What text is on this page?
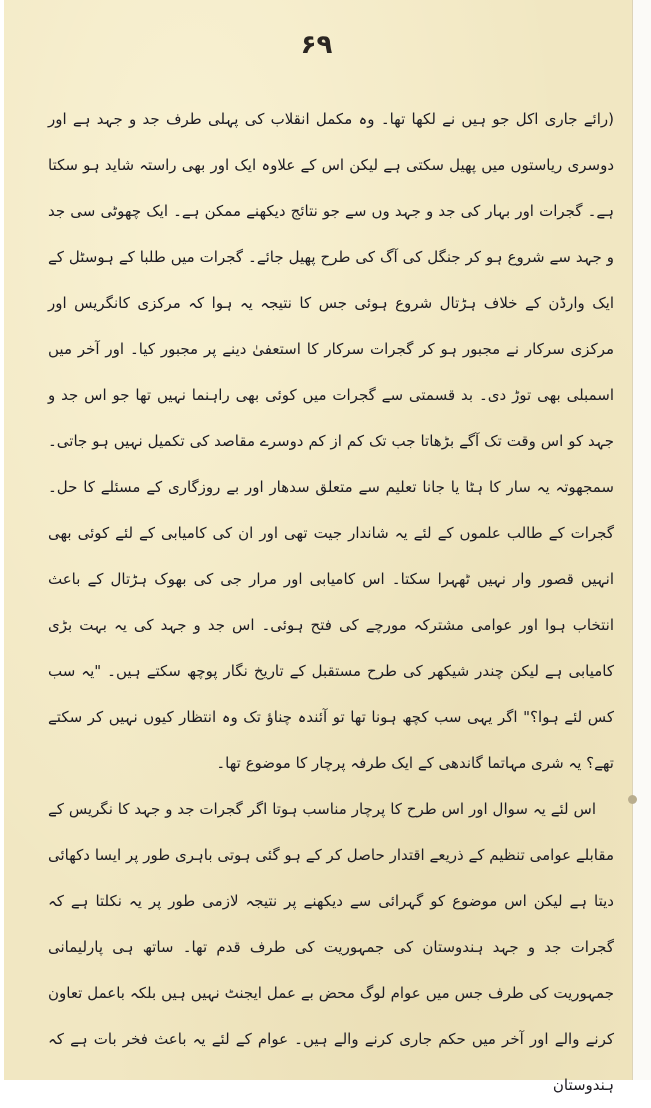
۶۹

(رائے جاری اکل جو ہیں نے لکھا تھا۔ وہ مکمل انقلاب کی پہلی طرف جد و جہد ہے اور دوسری ریاستوں میں پھیل سکتی ہے لیکن اس کے علاوہ ایک اور بھی راستہ شاید ہو سکتا ہے۔ گجرات اور بہار کی جد و جہد وں سے جو نتائج دیکھنے ممکن ہے۔ ایک چھوٹی سی جد و جہد سے شروع ہو کر جنگل کی آگ کی طرح پھیل جائے۔ گجرات میں طلبا کے ہوسٹل کے ایک وارڈن کے خلاف ہڑتال شروع ہوئی جس کا نتیجہ یہ ہوا کہ مرکزی کانگریس اور مرکزی سرکار نے مجبور ہو کر گجرات سرکار کا استعفیٰ دینے پر مجبور کیا۔ اور آخر میں اسمبلی بھی توڑ دی۔ بد قسمتی سے گجرات میں کوئی بھی راہنما نہیں تھا جو اس جد و جہد کو اس وقت تک آگے بڑھاتا جب تک کم از کم دوسرے مقاصد کی تکمیل نہیں ہو جاتی۔ سمجھوتہ یہ سار کا ہٹا یا جانا تعلیم سے متعلق سدھار اور بے روزگاری کے مسئلے کا حل۔ گجرات کے طالب علموں کے لئے یہ شاندار جیت تھی اور ان کی کامیابی کے لئے کوئی بھی انہیں قصور وار نہیں ٹھہرا سکتا۔ اس کامیابی اور مرار جی کی بھوک ہڑتال کے باعث انتخاب ہوا اور عوامی مشترکہ مورچے کی فتح ہوئی۔ اس جد و جہد کی یہ بہت بڑی کامیابی ہے لیکن چندر شیکھر کی طرح مستقبل کے تاریخ نگار پوچھ سکتے ہیں۔ "یہ سب کس لئے ہوا؟" اگر یہی سب کچھ ہونا تھا تو آئندہ چناؤ تک وہ انتظار کیوں نہیں کر سکتے تھے؟ یہ شری مہاتما گاندھی کے ایک طرفہ پرچار کا موضوع تھا۔

اس لئے یہ سوال اور اس طرح کا پرچار مناسب ہوتا اگر گجرات جد و جہد کا نگریس کے مقابلے عوامی تنظیم کے ذریعے اقتدار حاصل کر کے ہو گئی ہوتی باہری طور پر ایسا دکھائی دیتا ہے لیکن اس موضوع کو گہرائی سے دیکھنے پر نتیجہ لازمی طور پر یہ نکلتا ہے کہ گجرات جد و جہد ہندوستان کی جمہوریت کی طرف قدم تھا۔ ساتھ ہی پارلیمانی جمہوریت کی طرف جس میں عوام لوگ محض بے عمل ایجنٹ نہیں ہیں بلکہ باعمل تعاون کرنے والے اور آخر میں حکم جاری کرنے والے ہیں۔ عوام کے لئے یہ باعث فخر بات ہے کہ ہندوستان
